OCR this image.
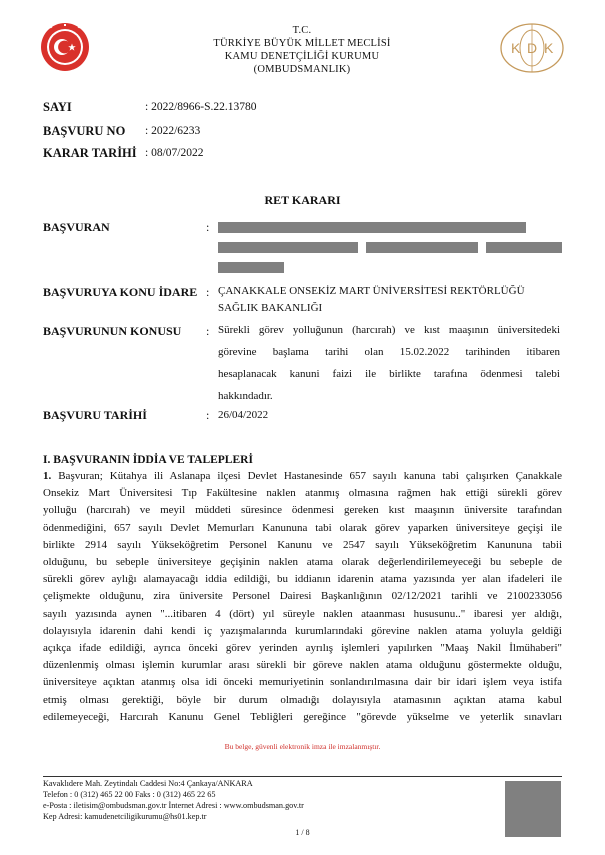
T.C.
TÜRKİYE BÜYÜK MİLLET MECLİSİ
KAMU DENETÇİLİĞİ KURUMU
(OMBUDSMANLIK)
K D K
SAYI	: 2022/8966-S.22.13780
BAŞVURU NO : 2022/6233
KARAR TARİHİ : 08/07/2022
RET KARARI
BAŞVURAN	:
BAŞVURUYA KONU İDARE : ÇANAKKALE ONSEKİZ MART ÜNİVERSİTESİ REKTÖRLÜĞÜ
SAĞLIK BAKANLIĞI
BAŞVURUNUN KONUSU : Sürekli görev yolluğunun (harcırah) ve kıst maaşının üniversitedeki
görevine başlama tarihi olan 15.02.2022 tarihinden itibaren
hesaplanacak kanuni faizi ile birlikte tarafına ödenmesi talebi
hakkındadır.
BAŞVURU TARİHİ	: 26/04/2022
I. BAŞVURANIN İDDİA VE TALEPLERİ
1. Başvuran; Kütahya ili Aslanapa ilçesi Devlet Hastanesinde 657 sayılı kanuna tabi çalışırken Çanakkale
Onsekiz Mart Üniversitesi Tıp Fakültesine naklen atanmış olmasına rağmen hak ettiği sürekli görev
yolluğu (harcırah) ve meyil müddeti süresince ödenmesi gereken kıst maaşının üniversite tarafından
ödenmediğini, 657 sayılı Devlet Memurları Kanununa tabi olarak görev yaparken üniversiteye geçişi ile
birlikte 2914 sayılı Yükseköğretim Personel Kanunu ve 2547 sayılı Yükseköğretim Kanununa tabii
olduğunu, bu sebeple üniversiteye geçişinin naklen atama olarak değerlendirilemeyeceği bu sebeple de
sürekli görev aylığı alamayacağı iddia edildiği, bu iddianın idarenin atama yazısında yer alan ifadeleri ile
çelişmekte olduğunu, zira üniversite Personel Dairesi Başkanlığının 02/12/2021 tarihli ve 2100233056
sayılı yazısında aynen "...itibaren 4 (dört) yıl süreyle naklen ataanması hususunu.." ibaresi yer aldığı,
dolayısıyla idarenin dahi kendi iç yazışmalarında kurumlarındaki görevine naklen atama yoluyla geldiği
açıkça ifade edildiği, ayrıca önceki görev yerinden ayrılış işlemleri yapılırken "Maaş Nakil İlmühaberi"
düzenlenmiş olması işlemin kurumlar arası sürekli bir göreve naklen atama olduğunu göstermekte olduğu,
üniversiteye açıktan atanmış olsa idi önceki memuriyetinin sonlandırılmasına dair bir idari işlem veya istifa
etmiş olması gerektiği, böyle bir durum olmadığı dolayısıyla atamasının açıktan atama kabul
edilemeyeceği, Harcırah Kanunu Genel Tebliğleri gereğince "görevde yükselme ve yeterlik sınavları
Bu belge, güvenli elektronik imza ile imzalanmıştır.
Kavaklıdere Mah. Zeytindalı Caddesi No:4 Çankaya/ANKARA
Telefon : 0 (312) 465 22 00 Faks : 0 (312) 465 22 65
e-Posta : iletisim@ombudsman.gov.tr İnternet Adresi : www.ombudsman.gov.tr
Kep Adresi: kamudenetciligikurumu@hs01.kep.tr
1 / 8
